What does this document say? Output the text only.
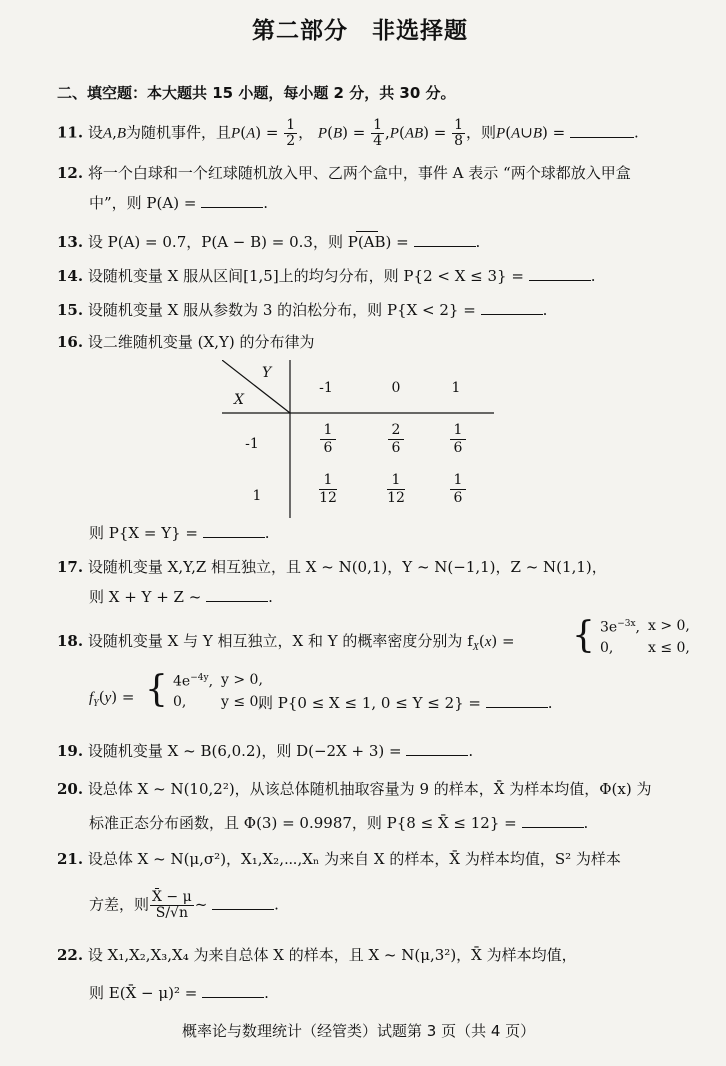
第二部分　非选择题
二、填空题：本大题共 15 小题，每小题 2 分，共 30 分。
11. 设A,B为随机事件，且$P(A) = \frac{1}{2}$ ， $P(B) = \frac{1}{4} ,P(AB) = \frac{1}{8}$ ，则P(A∪B) =	.
12. 将一个白球和一个红球随机放入甲、乙两个盒中，事件 A 表示 “两个球都放入甲盒
中”，则 P(A) =	.
13. 设 P(A) = 0.7，P(A − B) = 0.3，则 P(AB) =	.
14. 设随机变量 X 服从区间[1,5]上的均匀分布，则 P{2 < X ≤ 3} =	.
15. 设随机变量 X 服从参数为 3 的泊松分布，则 P{X < 2} =	.
16. 设二维随机变量 (X,Y) 的分布律为
Y
X
-1	0	1
-1	$\frac{1}{6}$	$\frac{2}{6}$	$\frac{1}{6}$
1	$\frac{1}{12}$	$\frac{1}{12}$	$\frac{1}{6}$
则 P{X = Y} =	.
17. 设随机变量 X,Y,Z 相互独立，且 X ~ N(0,1)，Y ~ N(−1,1)，Z ~ N(1,1)，
则 X + Y + Z ~	.
18. 设随机变量 X 与 Y 相互独立，X 和 Y 的概率密度分别为 $f_X(x)$ = { $3e^{-3x}$,	x > 0,
0,	x ≤ 0,
$f_Y(y)$ = { $4e^{-4y}$,	y > 0,
0,	y ≤ 0,
则 P{0 ≤ X ≤ 1, 0 ≤ Y ≤ 2} =	.
19. 设随机变量 X ~ B(6,0.2)，则 D(−2X + 3) =	.
20. 设总体 X ~ N(10,2²)，从该总体随机抽取容量为 9 的样本，X̄ 为样本均值，Φ(x) 为
标准正态分布函数，且 Φ(3) = 0.9987，则 P{8 ≤ X̄ ≤ 12} =	.
21. 设总体 X ~ N(μ,σ²)，X₁,X₂,⋯,Xₙ 为来自 X 的样本，X̄ 为样本均值，S² 为样本
方差，则 $\frac{X̄ - \mu}{S/√n}$ ~	.
22. 设 X₁,X₂,X₃,X₄ 为来自总体 X 的样本，且 X ~ N(μ,3²)，X̄ 为样本均值，
则 E(X̄ − μ)² =	.
概率论与数理统计（经管类）试题第 3 页（共 4 页）
